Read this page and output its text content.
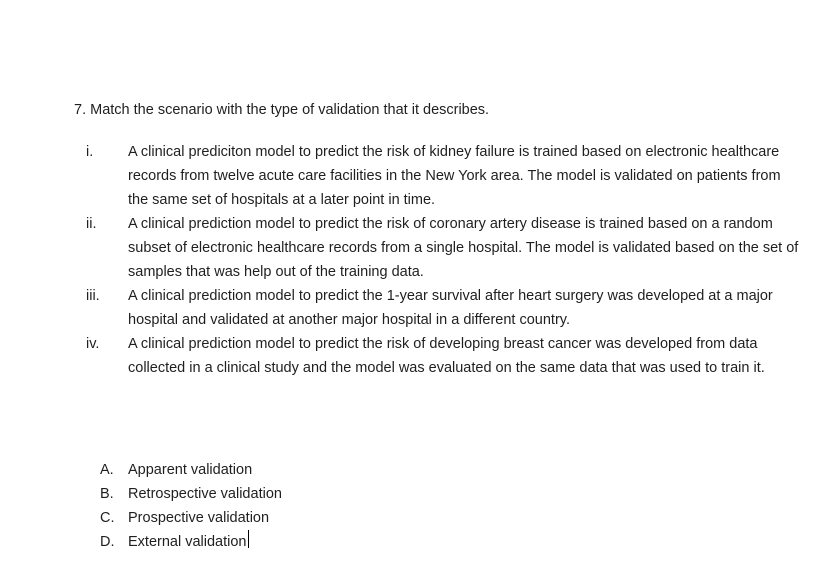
7. Match the scenario with the type of validation that it describes.
i.	A clinical prediciton model to predict the risk of kidney failure is trained based on electronic healthcare records from twelve acute care facilities in the New York area. The model is validated on patients from the same set of hospitals at a later point in time.
ii.	A clinical prediction model to predict the risk of coronary artery disease is trained based on a random subset of electronic healthcare records from a single hospital. The model is validated based on the set of samples that was help out of the training data.
iii.	A clinical prediction model to predict the 1-year survival after heart surgery was developed at a major hospital and validated at another major hospital in a different country.
iv.	A clinical prediction model to predict the risk of developing breast cancer was developed from data collected in a clinical study and the model was evaluated on the same data that was used to train it.
A. Apparent validation
B. Retrospective validation
C. Prospective validation
D. External validation
